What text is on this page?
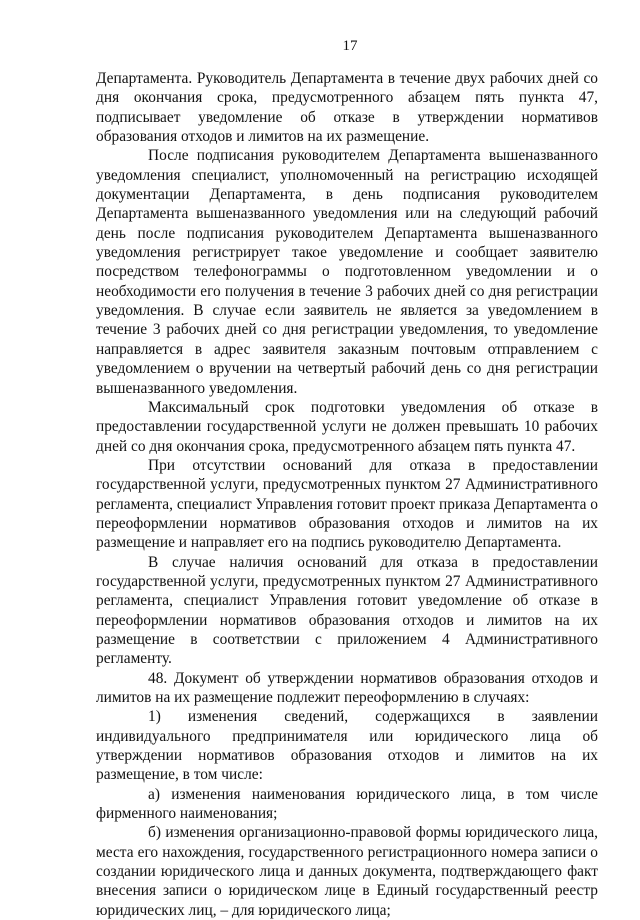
17

Департамента. Руководитель Департамента в течение двух рабочих дней со дня окончания срока, предусмотренного абзацем пять пункта 47, подписывает уведомление об отказе в утверждении нормативов образования отходов и лимитов на их размещение.

После подписания руководителем Департамента вышеназванного уведомления специалист, уполномоченный на регистрацию исходящей документации Департамента, в день подписания руководителем Департамента вышеназванного уведомления или на следующий рабочий день после подписания руководителем Департамента вышеназванного уведомления регистрирует такое уведомление и сообщает заявителю посредством телефонограммы о подготовленном уведомлении и о необходимости его получения в течение 3 рабочих дней со дня регистрации уведомления. В случае если заявитель не является за уведомлением в течение 3 рабочих дней со дня регистрации уведомления, то уведомление направляется в адрес заявителя заказным почтовым отправлением с уведомлением о вручении на четвертый рабочий день со дня регистрации вышеназванного уведомления.

Максимальный срок подготовки уведомления об отказе в предоставлении государственной услуги не должен превышать 10 рабочих дней со дня окончания срока, предусмотренного абзацем пять пункта 47.

При отсутствии оснований для отказа в предоставлении государственной услуги, предусмотренных пунктом 27 Административного регламента, специалист Управления готовит проект приказа Департамента о переоформлении нормативов образования отходов и лимитов на их размещение и направляет его на подпись руководителю Департамента.

В случае наличия оснований для отказа в предоставлении государственной услуги, предусмотренных пунктом 27 Административного регламента, специалист Управления готовит уведомление об отказе в переоформлении нормативов образования отходов и лимитов на их размещение в соответствии с приложением 4 Административного регламенту.

48. Документ об утверждении нормативов образования отходов и лимитов на их размещение подлежит переоформлению в случаях:

1) изменения сведений, содержащихся в заявлении индивидуального предпринимателя или юридического лица об утверждении нормативов образования отходов и лимитов на их размещение, в том числе:

а) изменения наименования юридического лица, в том числе фирменного наименования;

б) изменения организационно-правовой формы юридического лица, места его нахождения, государственного регистрационного номера записи о создании юридического лица и данных документа, подтверждающего факт внесения записи о юридическом лице в Единый государственный реестр юридических лиц, – для юридического лица;
